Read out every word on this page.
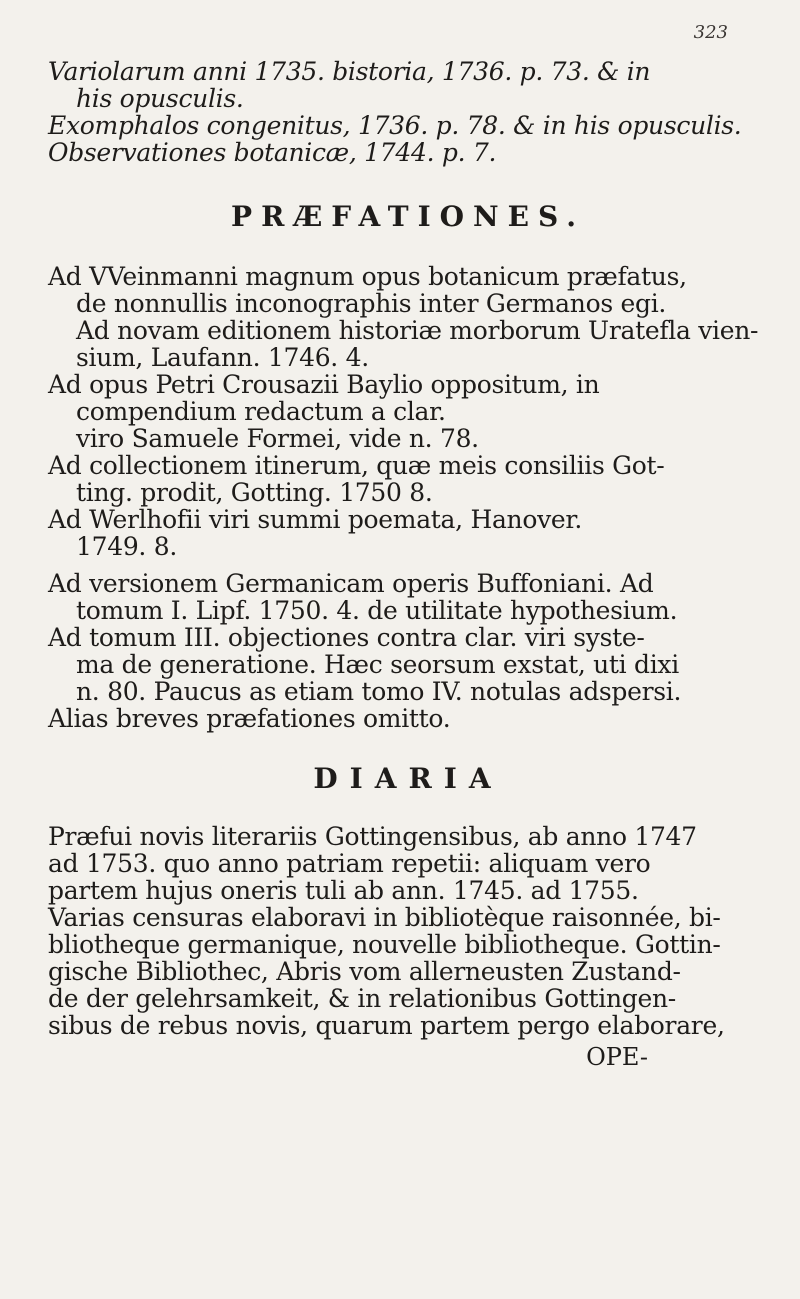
323
Variolarum anni 1735. bistoria, 1736. p. 73. & in
his opusculis.
Exomphalos congenitus, 1736. p. 78. & in his opusculis.
Observationes botanicæ, 1744. p. 7.
PRÆFATIONES.
Ad VVeinmanni magnum opus botanicum præfatus,
de nonnullis inconographis inter Germanos egi.
Ad novam editionem historiæ morborum Uratefla vien-
sium, Laufann. 1746. 4.
Ad opus Petri Crousazii Baylio oppositum, in
compendium redactum a clar.
viro Samuele Formei, vide n. 78.
Ad collectionem itinerum, quæ meis consiliis Got-
ting. prodit, Gotting. 1750 8.
Ad Werlhofii viri summi poemata, Hanover.
1749. 8.
Ad versionem Germanicam operis Buffoniani. Ad
tomum I. Lipf. 1750. 4. de utilitate hypothesium.
Ad tomum III. objectiones contra clar. viri syste-
ma de generatione. Hæc seorsum exstat, uti dixi
n. 80. Paucus as etiam tomo IV. notulas adspersi.
Alias breves præfationes omitto.
DIARIA
Præfui novis literariis Gottingensibus, ab anno 1747
ad 1753. quo anno patriam repetii: aliquam vero
partem hujus oneris tuli ab ann. 1745. ad 1755.
Varias censuras elaboravi in bibliotèque raisonnée, bi-
bliotheque germanique, nouvelle bibliotheque. Gottin-
gische Bibliothec, Abris vom allerneusten Zustand-
de der gelehrsamkeit, & in relationibus Gottingen-
sibus de rebus novis, quarum partem pergo elaborare,
OPE-
